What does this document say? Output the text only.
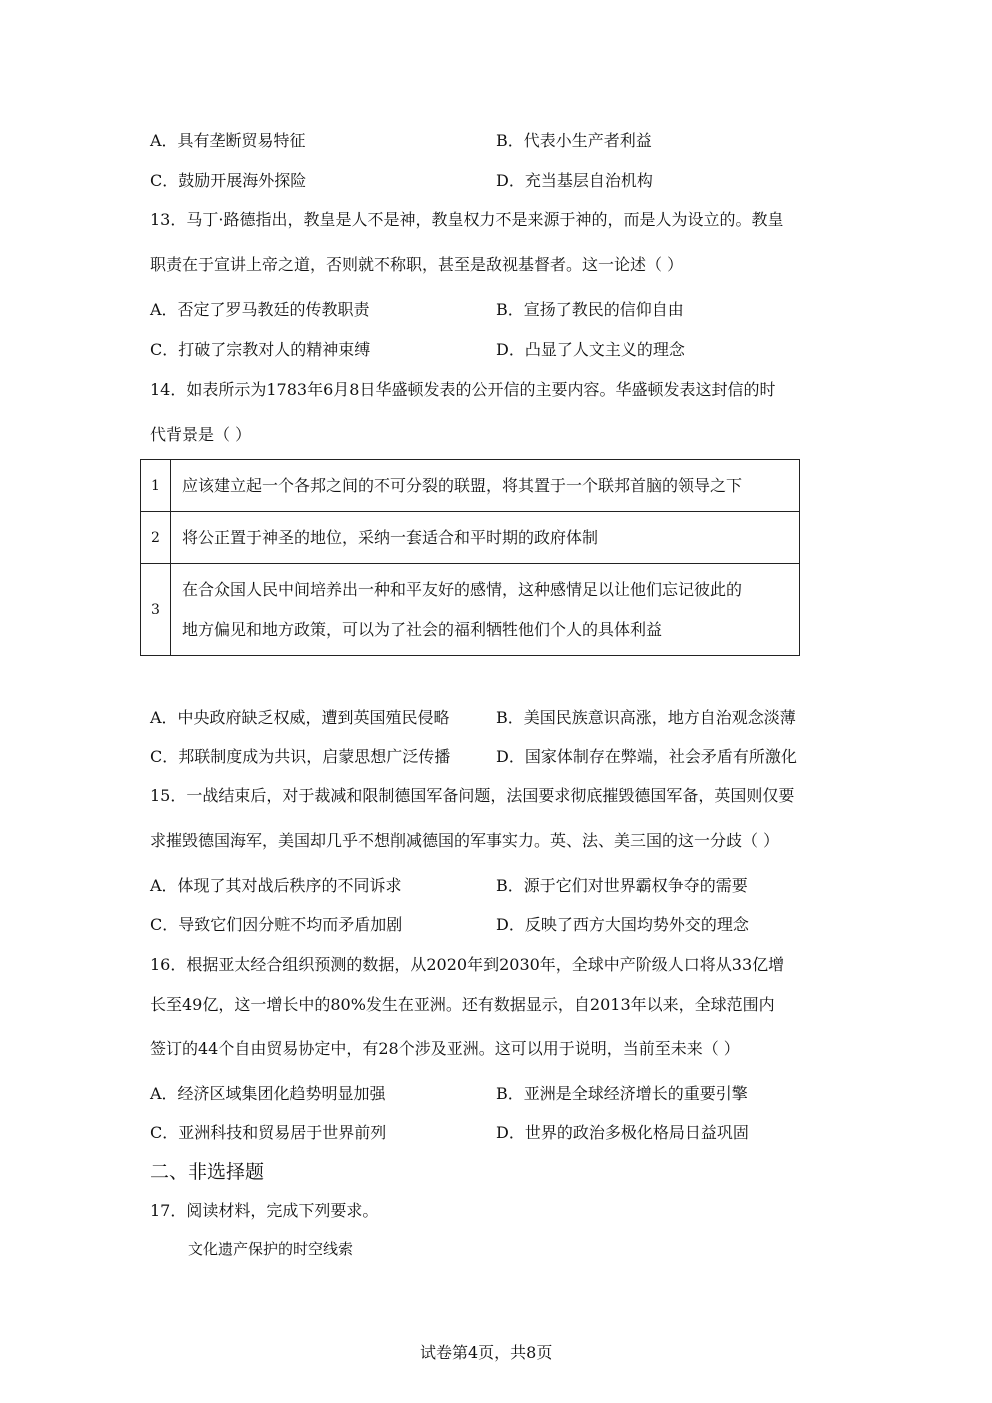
A．具有垄断贸易特征	B．代表小生产者利益
C．鼓励开展海外探险	D．充当基层自治机构
13．马丁·路德指出，教皇是人不是神，教皇权力不是来源于神的，而是人为设立的。教皇
职责在于宣讲上帝之道，否则就不称职，甚至是敌视基督者。这一论述（ ）
A．否定了罗马教廷的传教职责	B．宣扬了教民的信仰自由
C．打破了宗教对人的精神束缚	D．凸显了人文主义的理念
14．如表所示为1783年6月8日华盛顿发表的公开信的主要内容。华盛顿发表这封信的时
代背景是（ ）
1	应该建立起一个各邦之间的不可分裂的联盟，将其置于一个联邦首脑的领导之下
2	将公正置于神圣的地位，采纳一套适合和平时期的政府体制
3	在合众国人民中间培养出一种和平友好的感情，这种感情足以让他们忘记彼此的
地方偏见和地方政策，可以为了社会的福利牺牲他们个人的具体利益
A．中央政府缺乏权威，遭到英国殖民侵略	B．美国民族意识高涨，地方自治观念淡薄
C．邦联制度成为共识，启蒙思想广泛传播	D．国家体制存在弊端，社会矛盾有所激化
15．一战结束后，对于裁减和限制德国军备问题，法国要求彻底摧毁德国军备，英国则仅要
求摧毁德国海军，美国却几乎不想削减德国的军事实力。英、法、美三国的这一分歧（ ）
A．体现了其对战后秩序的不同诉求	B．源于它们对世界霸权争夺的需要
C．导致它们因分赃不均而矛盾加剧	D．反映了西方大国均势外交的理念
16．根据亚太经合组织预测的数据，从2020年到2030年，全球中产阶级人口将从33亿增
长至49亿，这一增长中的80%发生在亚洲。还有数据显示，自2013年以来，全球范围内
签订的44个自由贸易协定中，有28个涉及亚洲。这可以用于说明，当前至未来（ ）
A．经济区域集团化趋势明显加强	B．亚洲是全球经济增长的重要引擎
C．亚洲科技和贸易居于世界前列	D．世界的政治多极化格局日益巩固
二、非选择题
17．阅读材料，完成下列要求。
文化遗产保护的时空线索
试卷第4页，共8页
